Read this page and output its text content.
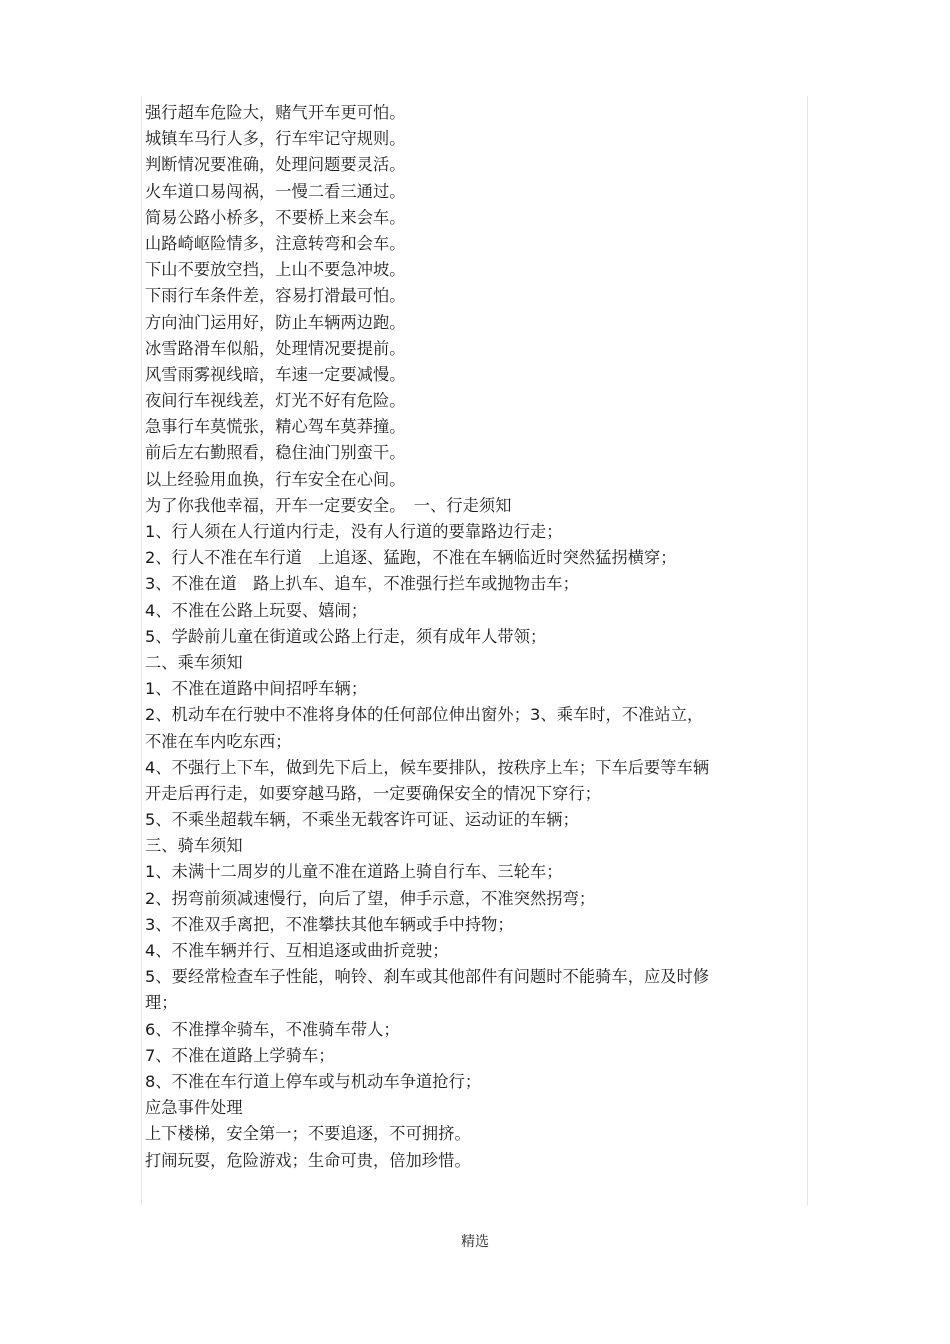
强行超车危险大，赌气开车更可怕。
城镇车马行人多，行车牢记守规则。
判断情况要准确，处理问题要灵活。
火车道口易闯祸，一慢二看三通过。
简易公路小桥多，不要桥上来会车。
山路崎岖险情多，注意转弯和会车。
下山不要放空挡，上山不要急冲坡。
下雨行车条件差，容易打滑最可怕。
方向油门运用好，防止车辆两边跑。
冰雪路滑车似船，处理情况要提前。
风雪雨雾视线暗，车速一定要减慢。
夜间行车视线差，灯光不好有危险。
急事行车莫慌张，精心驾车莫莽撞。
前后左右勤照看，稳住油门别蛮干。
以上经验用血换，行车安全在心间。
为了你我他幸福，开车一定要安全。　一、行走须知
1、行人须在人行道内行走，没有人行道的要靠路边行走；
2、行人不准在车行道　上追逐、猛跑，不准在车辆临近时突然猛拐横穿；
3、不准在道　路上扒车、追车，不准强行拦车或抛物击车；
4、不准在公路上玩耍、嬉闹；
5、学龄前儿童在街道或公路上行走，须有成年人带领；
二、乘车须知
1、不准在道路中间招呼车辆；
2、机动车在行驶中不准将身体的任何部位伸出窗外；3、乘车时，不准站立，
不准在车内吃东西；
4、不强行上下车，做到先下后上，候车要排队，按秩序上车；下车后要等车辆
开走后再行走，如要穿越马路，一定要确保安全的情况下穿行；
5、不乘坐超载车辆，不乘坐无载客许可证、运动证的车辆；
三、骑车须知
1、未满十二周岁的儿童不准在道路上骑自行车、三轮车；
2、拐弯前须减速慢行，向后了望，伸手示意，不准突然拐弯；
3、不准双手离把，不准攀扶其他车辆或手中持物；
4、不准车辆并行、互相追逐或曲折竞驶；
5、要经常检查车子性能，响铃、刹车或其他部件有问题时不能骑车，应及时修
理；
6、不准撑伞骑车，不准骑车带人；
7、不准在道路上学骑车；
8、不准在车行道上停车或与机动车争道抢行；
应急事件处理
上下楼梯，安全第一；不要追逐，不可拥挤。
打闹玩耍，危险游戏；生命可贵，倍加珍惜。
精选
